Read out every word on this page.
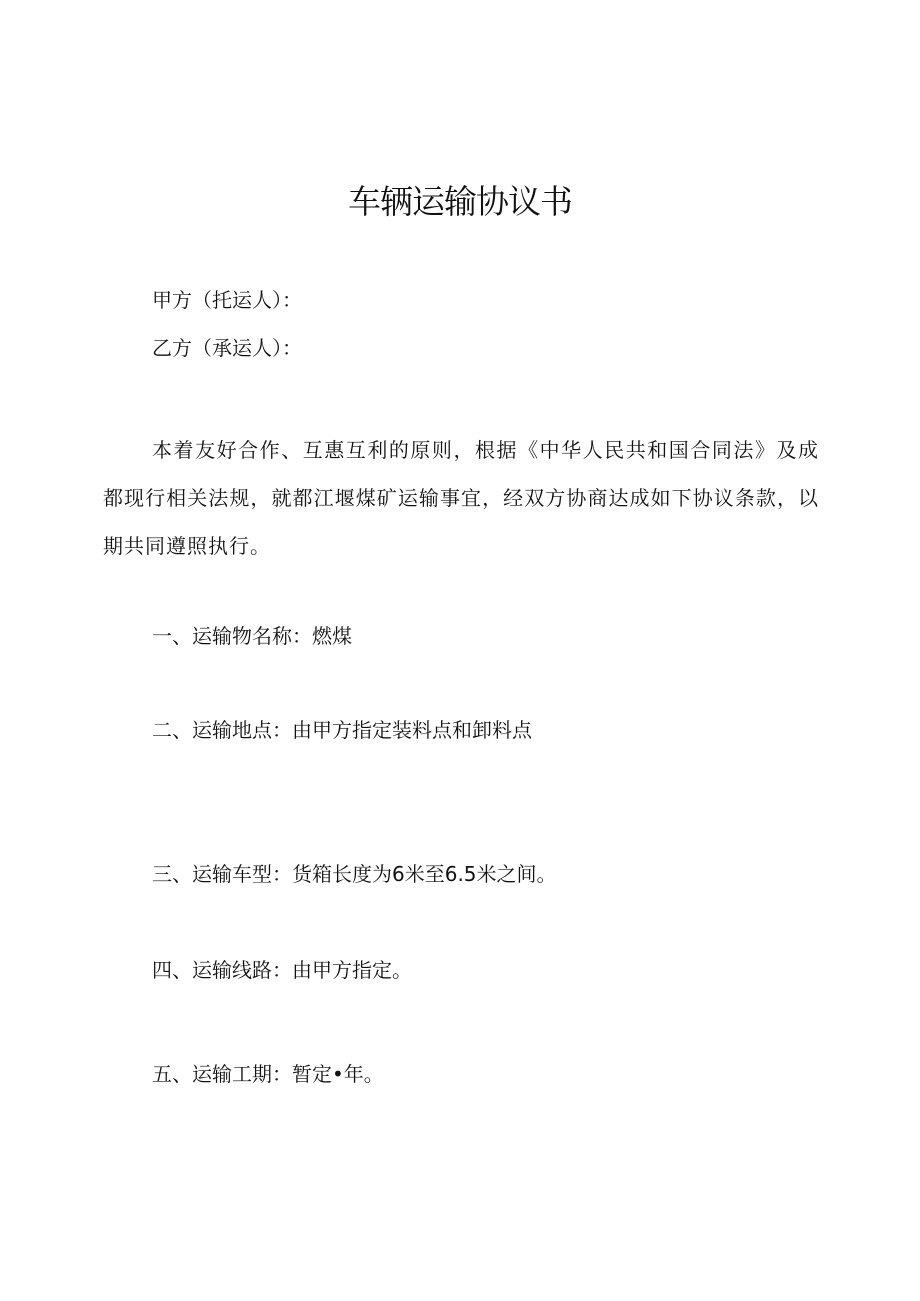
车辆运输协议书

甲方（托运人）：

乙方（承运人）：

本着友好合作、互惠互利的原则，根据《中华人民共和国合同法》及成都现行相关法规，就都江堰煤矿运输事宜，经双方协商达成如下协议条款，以期共同遵照执行。

一、运输物名称：燃煤

二、运输地点：由甲方指定装料点和卸料点

三、运输车型：货箱长度为6米至6.5米之间。

四、运输线路：由甲方指定。

五、运输工期：暂定•年。
